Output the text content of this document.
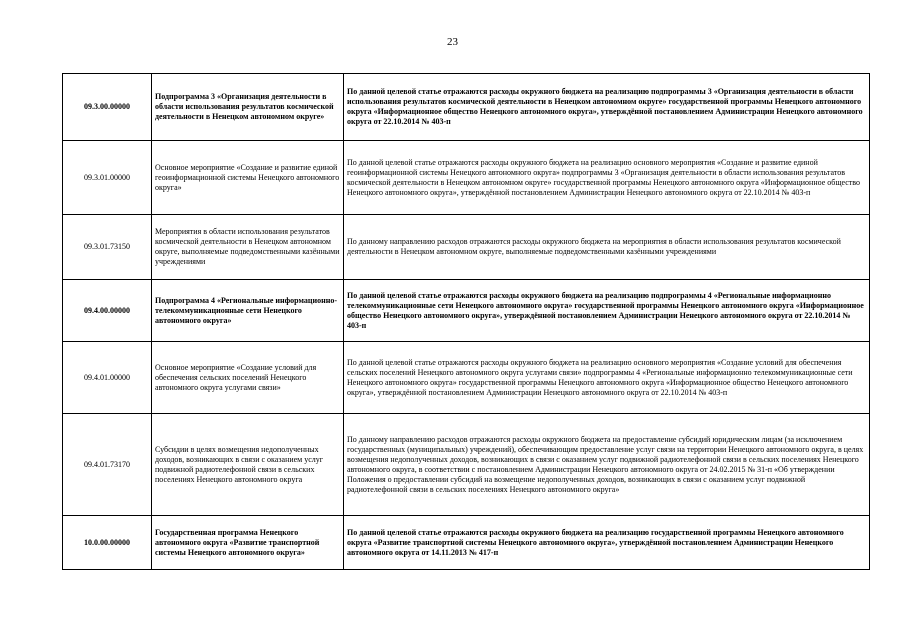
23
09.3.00.00000	Подпрограмма 3 «Организация деятельности в области использования результатов космической деятельности в Ненецком автономном округе»	По данной целевой статье отражаются расходы окружного бюджета на реализацию подпрограммы 3 «Организация деятельности в области использования результатов космической деятельности в Ненецком автономном округе» государственной программы Ненецкого автономного округа «Информационное общество Ненецкого автономного округа», утверждённой постановлением Администрации Ненецкого автономного округа от 22.10.2014 № 403-п
09.3.01.00000	Основное мероприятие «Создание и развитие единой геоинформационной системы Ненецкого автономного округа»	По данной целевой статье отражаются расходы окружного бюджета на реализацию основного мероприятия «Создание и развитие единой геоинформационной системы Ненецкого автономного округа» подпрограммы 3 «Организация деятельности в области использования результатов космической деятельности в Ненецком автономном округе» государственной программы Ненецкого автономного округа «Информационное общество Ненецкого автономного округа», утверждённой постановлением Администрации Ненецкого автономного округа от 22.10.2014 № 403-п
09.3.01.73150	Мероприятия в области использования результатов космической деятельности в Ненецком автономном округе, выполняемые подведомственными казёнными учреждениями	По данному направлению расходов отражаются расходы окружного бюджета на мероприятия в области использования результатов космической деятельности в Ненецком автономном округе, выполняемые подведомственными казёнными учреждениями
09.4.00.00000	Подпрограмма 4 «Региональные информационно-телекоммуникационные сети Ненецкого автономного округа»	По данной целевой статье отражаются расходы окружного бюджета на реализацию подпрограммы 4 «Региональные информационно телекоммуникационные сети Ненецкого автономного округа» государственной программы Ненецкого автономного округа «Информационное общество Ненецкого автономного округа», утверждённой постановлением Администрации Ненецкого автономного округа от 22.10.2014 № 403-п
09.4.01.00000	Основное мероприятие «Создание условий для обеспечения сельских поселений Ненецкого автономного округа услугами связи»	По данной целевой статье отражаются расходы окружного бюджета на реализацию основного мероприятия «Создание условий для обеспечения сельских поселений Ненецкого автономного округа услугами связи» подпрограммы 4 «Региональные информационно телекоммуникационные сети Ненецкого автономного округа» государственной программы Ненецкого автономного округа «Информационное общество Ненецкого автономного округа», утверждённой постановлением Администрации Ненецкого автономного округа от 22.10.2014 № 403-п
09.4.01.73170	Субсидии в целях возмещения недополученных доходов, возникающих в связи с оказанием услуг подвижной радиотелефонной связи в сельских поселениях Ненецкого автономного округа	По данному направлению расходов отражаются расходы окружного бюджета на предоставление субсидий юридическим лицам (за исключением государственных (муниципальных) учреждений), обеспечивающим предоставление услуг связи на территории Ненецкого автономного округа, в целях возмещения недополученных доходов, возникающих в связи с оказанием услуг подвижной радиотелефонной связи в сельских поселениях Ненецкого автономного округа, в соответствии с постановлением Администрации Ненецкого автономного округа от 24.02.2015 № 31-п «Об утверждении Положения о предоставлении субсидий на возмещение недополученных доходов, возникающих в связи с оказанием услуг подвижной радиотелефонной связи в сельских поселениях Ненецкого автономного округа»
10.0.00.00000	Государственная программа Ненецкого автономного округа «Развитие транспортной системы Ненецкого автономного округа»	По данной целевой статье отражаются расходы окружного бюджета на реализацию государственной программы Ненецкого автономного округа «Развитие транспортной системы Ненецкого автономного округа», утверждённой постановлением Администрации Ненецкого автономного округа от 14.11.2013 № 417-п
